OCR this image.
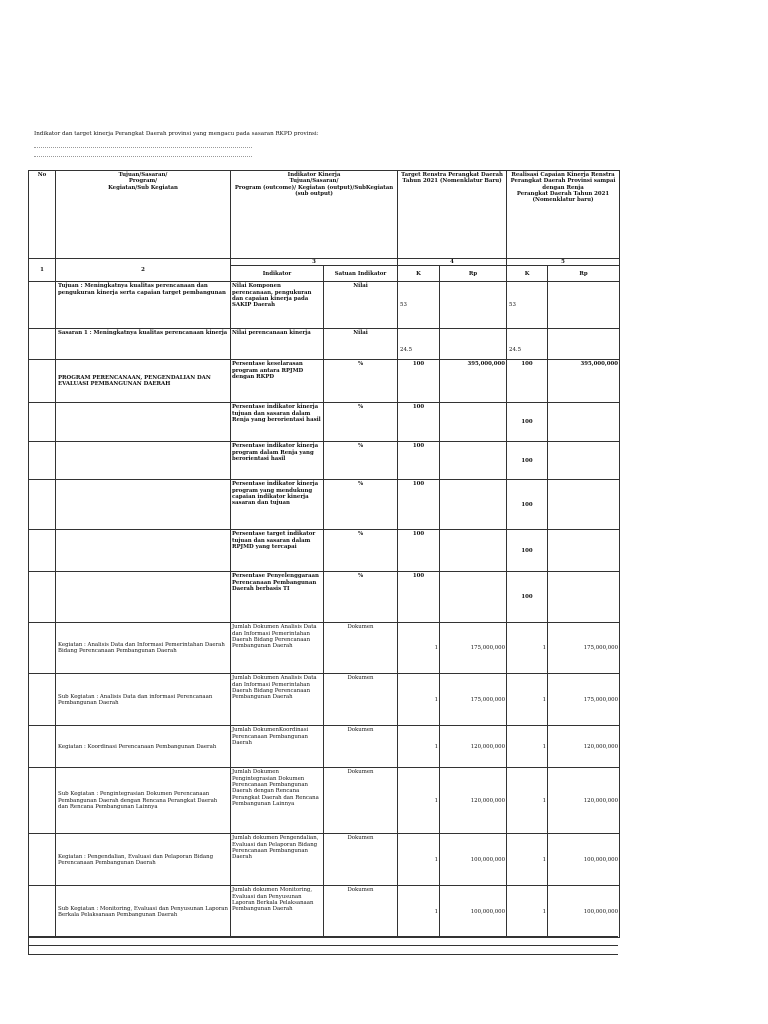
Indikator dan target kinerja Perangkat Daerah provinsi yang mengacu pada sasaran RKPD provinsi:
No	Tujuan/Sasaran/
Program/
Kegiatan/Sub Kegiatan	Indikator Kinerja
Tujuan/Sasaran/
Program (outcome)/ Kegiatan (output)/SubKegiatan
(sub output)		Target Renstra Perangkat Daerah
Tahun 2021 (Nomenklatur Baru)		Realisasi Capaian Kinerja Renstra
Perangkat Daerah Provinsi sampai
dengan Renja
Perangkat Daerah Tahun 2021
(Nomenklatur baru)	
1	2	3		4		5	
		Indikator	Satuan Indikator	K	Rp	K	Rp
	Tujuan : Meningkatnya kualitas perencanaan dan pengukuran kinerja serta capaian target pembangunan	Nilai Komponen perencanaan, pengukuran dan capaian kinerja pada SAKIP Daerah	Nilai	53		53	
	Sasaran 1 : Meningkatnya kualitas perencanaan kinerja	Nilai perencanaan kinerja	Nilai	24.5		24.5	
	PROGRAM PERENCANAAN, PENGENDALIAN DAN EVALUASI PEMBANGUNAN DAERAH	Persentase keselarasan program antara RPJMD dengan RKPD	%	100	395,000,000	100	395,000,000
		Persentase indikator kinerja tujuan dan sasaran dalam Renja yang berorientasi hasil	%	100		100	
		Persentase indikator kinerja program dalam Renja yang berorientasi hasil	%	100		100	
		Persentase indikator kinerja program yang mendukung capaian indikator kinerja sasaran dan tujuan	%	100		100	
		Persentase target indikator tujuan dan sasaran dalam RPJMD yang tercapai	%	100		100	
		Persentase Penyelenggaraan Perencanaan Pembangunan Daerah berbasis TI	%	100		100	
	Kegiatan : Analisis Data dan Informasi Pemerintahan Daerah Bidang Perencanaan Pembangunan Daerah	Jumlah Dokumen Analisis Data dan Informasi Pemerintahan Daerah Bidang Perencanaan Pembangunan Daerah	Dokumen	1	175,000,000	1	175,000,000
	Sub Kegiatan : Analisis Data dan informasi Perencanaan Pembangunan Daerah	Jumlah Dokumen Analisis Data dan Informasi Pemerintahan Daerah Bidang Perencanaan Pembangunan Daerah	Dokumen	1	175,000,000	1	175,000,000
	Kegiatan : Koordinasi Perencanaan Pembangunan Daerah	Jumlah DokumenKoordinasi Perencanaan Pembangunan Daerah	Dokumen	1	120,000,000	1	120,000,000
	Sub Kegiatan : Pengintegrasian Dokumen Perencanaan Pembangunan Daerah dengan Rencana Perangkat Daerah dan Rencana Pembangunan Lainnya	Jumlah Dokumen Pengintegrasian Dokumen Perencanaan Pembangunan Daerah dengan Rencana Perangkat Daerah dan Rencana Pembangunan Lainnya	Dokumen	1	120,000,000	1	120,000,000
	Kegiatan : Pengendalian, Evaluasi dan Pelaporan Bidang Perencanaan Pembangunan Daerah	Jumlah dokumen Pengendalian, Evaluasi dan Pelaporan Bidang Perencanaan Pembangunan Daerah	Dokumen	1	100,000,000	1	100,000,000
	Sub Kegiatan : Monitoring, Evaluasi dan Penyusunan Laporan Berkala Pelaksanaan Pembangunan Daerah	Jumlah dokumen Monitoring, Evaluasi dan Penyusunan Laporan Berkala Pelaksanaan Pembangunan Daerah	Dokumen	1	100,000,000	1	100,000,000
